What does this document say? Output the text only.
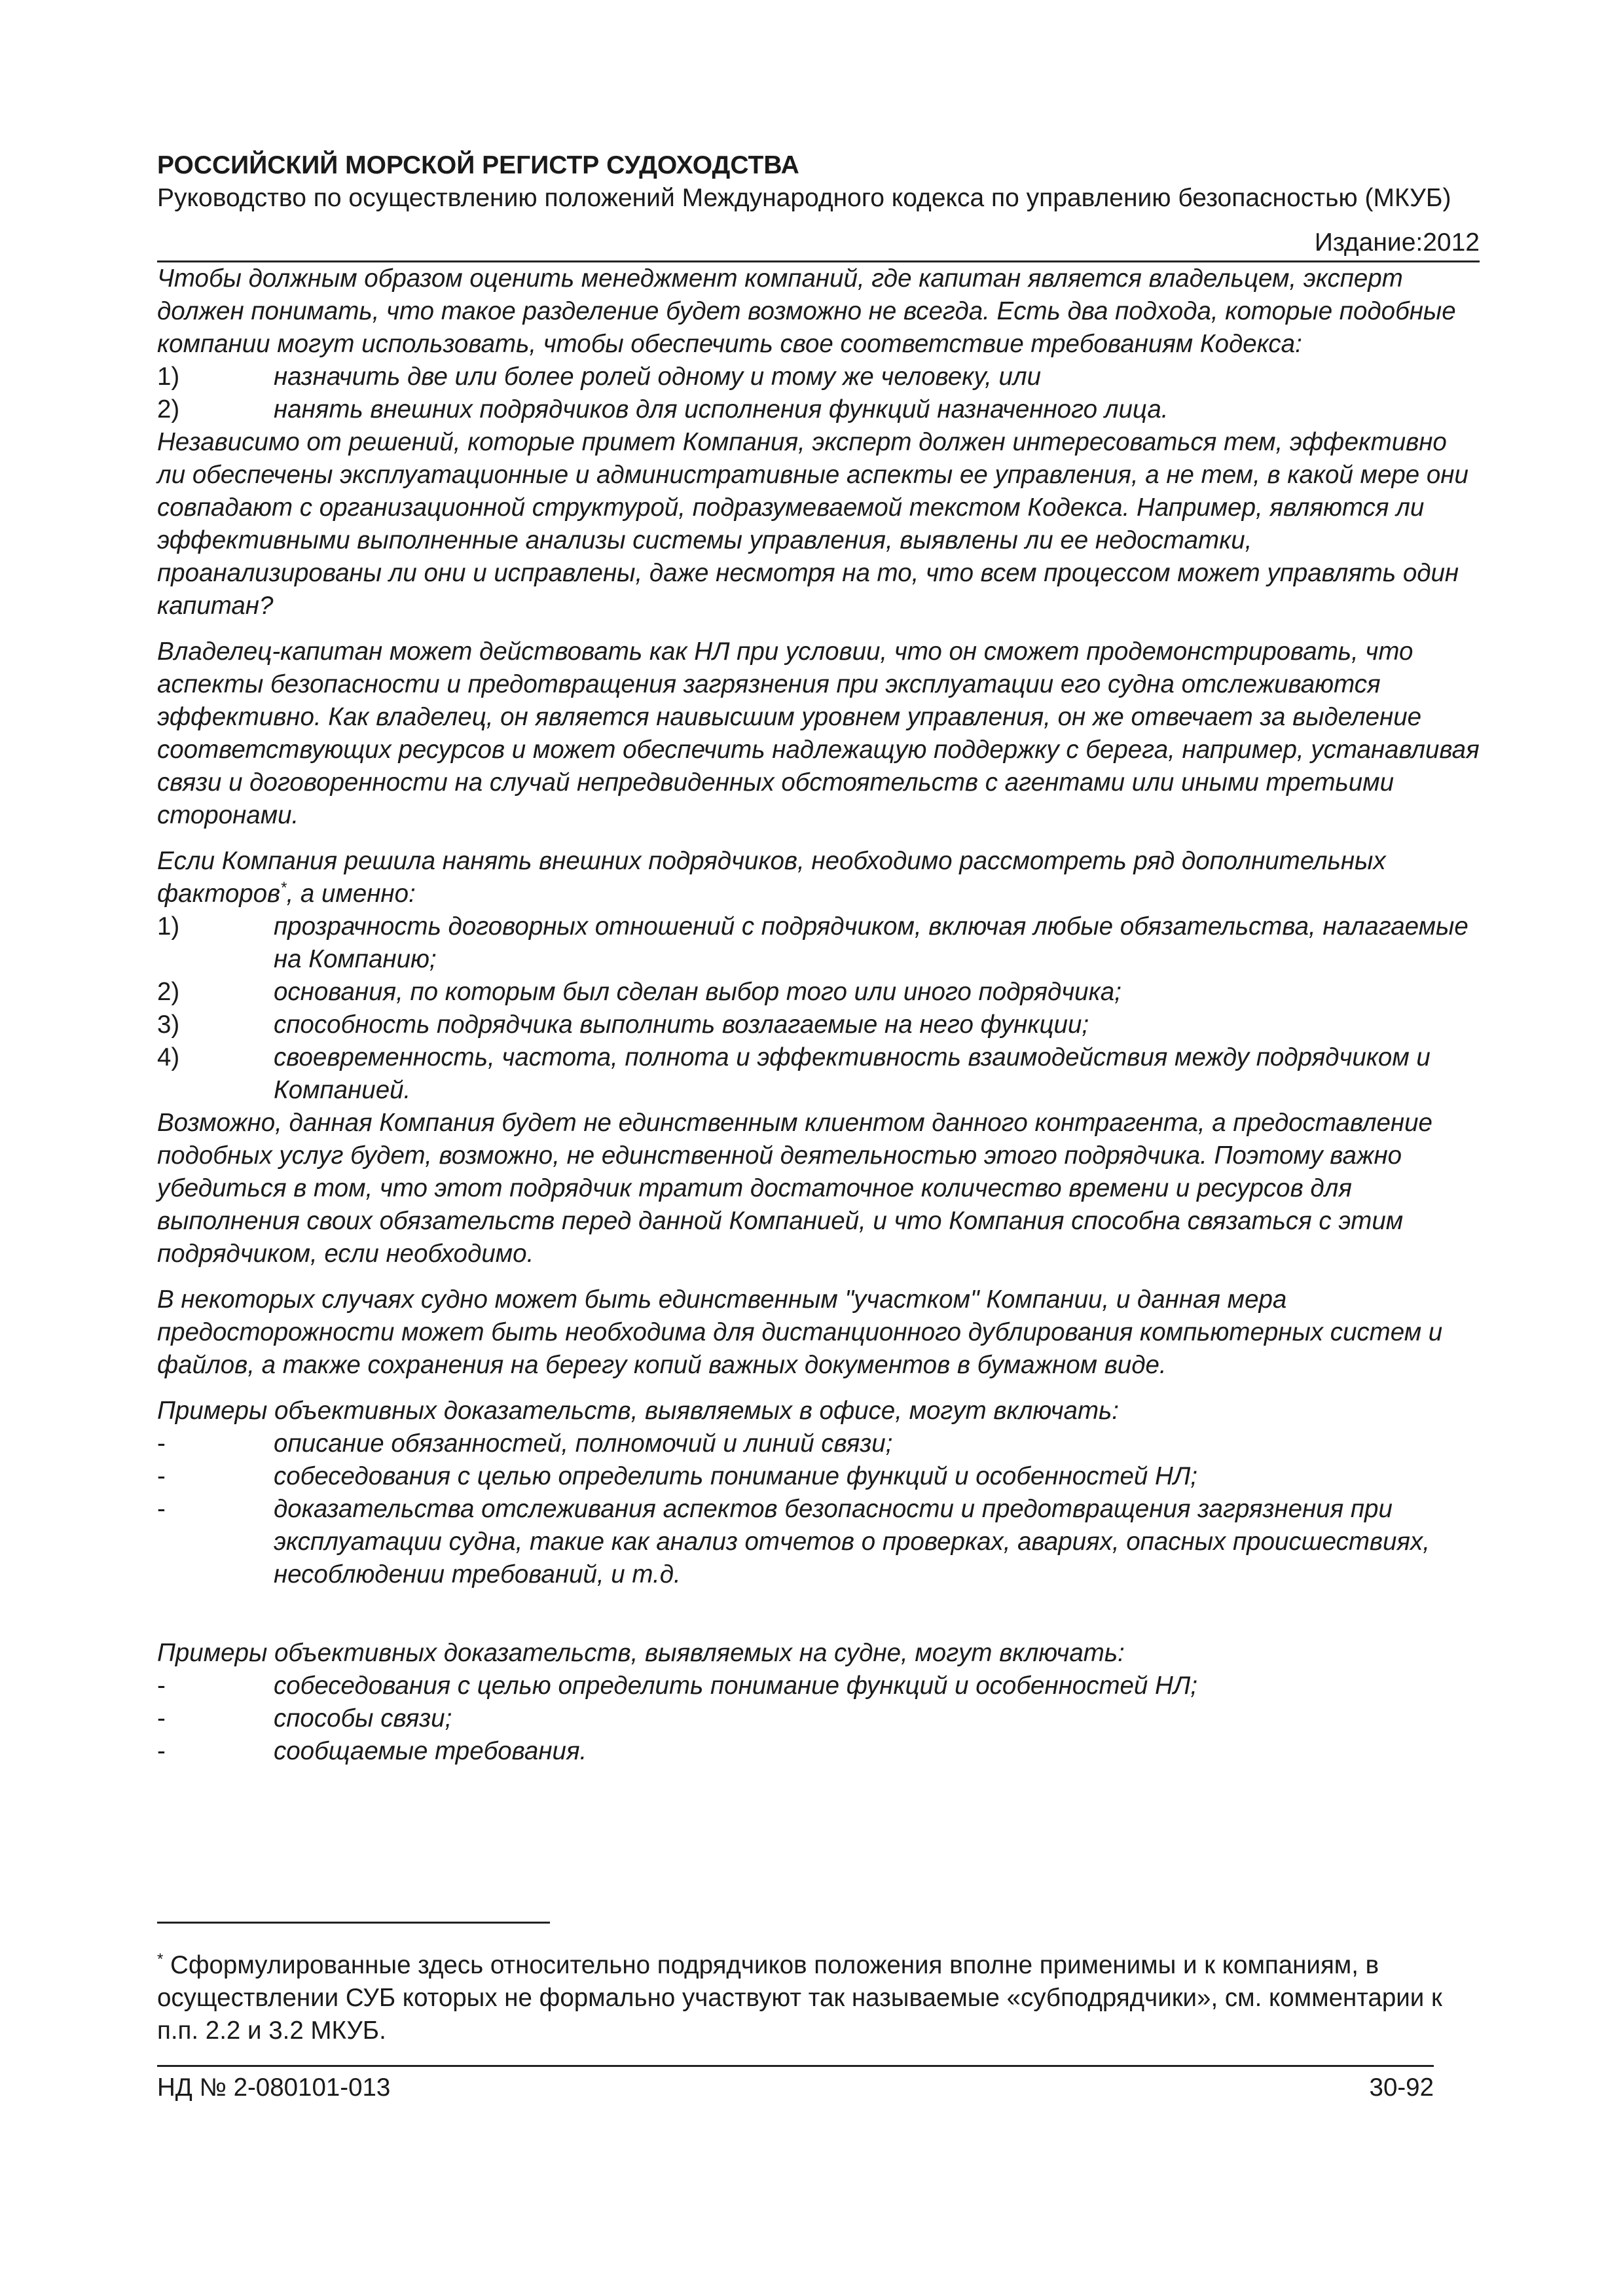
РОССИЙСКИЙ МОРСКОЙ РЕГИСТР СУДОХОДСТВА
Руководство по осуществлению положений Международного кодекса по управлению безопасностью (МКУБ)
Издание:2012

Чтобы должным образом оценить менеджмент компаний, где капитан является владельцем, эксперт должен понимать, что такое разделение будет возможно не всегда. Есть два подхода, которые подобные компании могут использовать, чтобы обеспечить свое соответствие требованиям Кодекса:

1)	назначить две или более ролей одному и тому же человеку, или
2)	нанять внешних подрядчиков для исполнения функций назначенного лица.

Независимо от решений, которые примет Компания, эксперт должен интересоваться тем, эффективно ли обеспечены эксплуатационные и административные аспекты ее управления, а не тем, в какой мере они совпадают с организационной структурой, подразумеваемой текстом Кодекса. Например, являются ли эффективными выполненные анализы системы управления, выявлены ли ее недостатки, проанализированы ли они и исправлены, даже несмотря на то, что всем процессом может управлять один капитан?

Владелец-капитан может действовать как НЛ при условии, что он сможет продемонстрировать, что аспекты безопасности и предотвращения загрязнения при эксплуатации его судна отслеживаются эффективно. Как владелец, он является наивысшим уровнем управления, он же отвечает за выделение соответствующих ресурсов и может обеспечить надлежащую поддержку с берега, например, устанавливая связи и договоренности на случай непредвиденных обстоятельств с агентами или иными третьими сторонами.

Если Компания решила нанять внешних подрядчиков, необходимо рассмотреть ряд дополнительных факторов*, а именно:

1)	прозрачность договорных отношений с подрядчиком, включая любые обязательства, налагаемые на Компанию;
2)	основания, по которым был сделан выбор того или иного подрядчика;
3)	способность подрядчика выполнить возлагаемые на него функции;
4)	своевременность, частота, полнота и эффективность взаимодействия между подрядчиком и Компанией.

Возможно, данная Компания будет не единственным клиентом данного контрагента, а предоставление подобных услуг будет, возможно, не единственной деятельностью этого подрядчика. Поэтому важно убедиться в том, что этот подрядчик тратит достаточное количество времени и ресурсов для выполнения своих обязательств перед данной Компанией, и что Компания способна связаться с этим подрядчиком, если необходимо.

В некоторых случаях судно может быть единственным "участком" Компании, и данная мера предосторожности может быть необходима для дистанционного дублирования компьютерных систем и файлов, а также сохранения на берегу копий важных документов в бумажном виде.

Примеры объективных доказательств, выявляемых в офисе, могут включать:

-	описание обязанностей, полномочий и линий связи;
-	собеседования с целью определить понимание функций и особенностей НЛ;
-	доказательства отслеживания аспектов безопасности и предотвращения загрязнения при эксплуатации судна, такие как анализ отчетов о проверках, авариях, опасных происшествиях, несоблюдении требований, и т.д.

Примеры объективных доказательств, выявляемых на судне, могут включать:

-	собеседования с целью определить понимание функций и особенностей НЛ;
-	способы связи;
-	сообщаемые требования.
* Сформулированные здесь относительно подрядчиков положения вполне применимы и к компаниям, в осуществлении СУБ которых не формально участвуют так называемые «субподрядчики», см. комментарии к п.п. 2.2 и 3.2 МКУБ.
НД № 2-080101-013	30-92
